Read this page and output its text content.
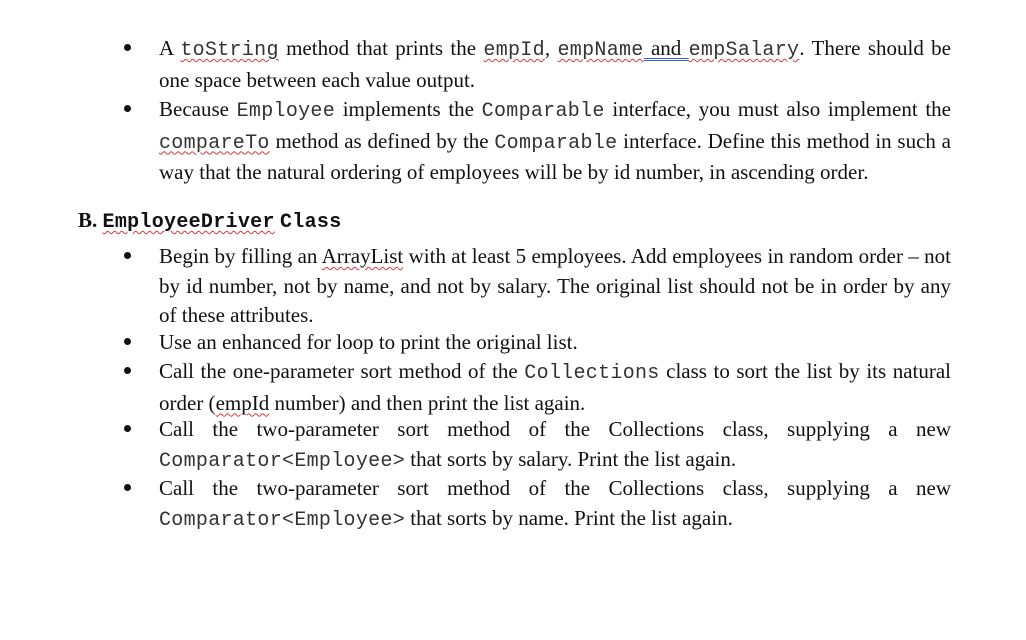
A toString method that prints the empId, empName and empSalary. There should be one space between each value output.
Because Employee implements the Comparable interface, you must also implement the compareTo method as defined by the Comparable interface. Define this method in such a way that the natural ordering of employees will be by id number, in ascending order.
B. EmployeeDriver Class
Begin by filling an ArrayList with at least 5 employees. Add employees in random order – not by id number, not by name, and not by salary. The original list should not be in order by any of these attributes.
Use an enhanced for loop to print the original list.
Call the one-parameter sort method of the Collections class to sort the list by its natural order (empId number) and then print the list again.
Call the two-parameter sort method of the Collections class, supplying a new Comparator<Employee> that sorts by salary. Print the list again.
Call the two-parameter sort method of the Collections class, supplying a new Comparator<Employee> that sorts by name. Print the list again.
